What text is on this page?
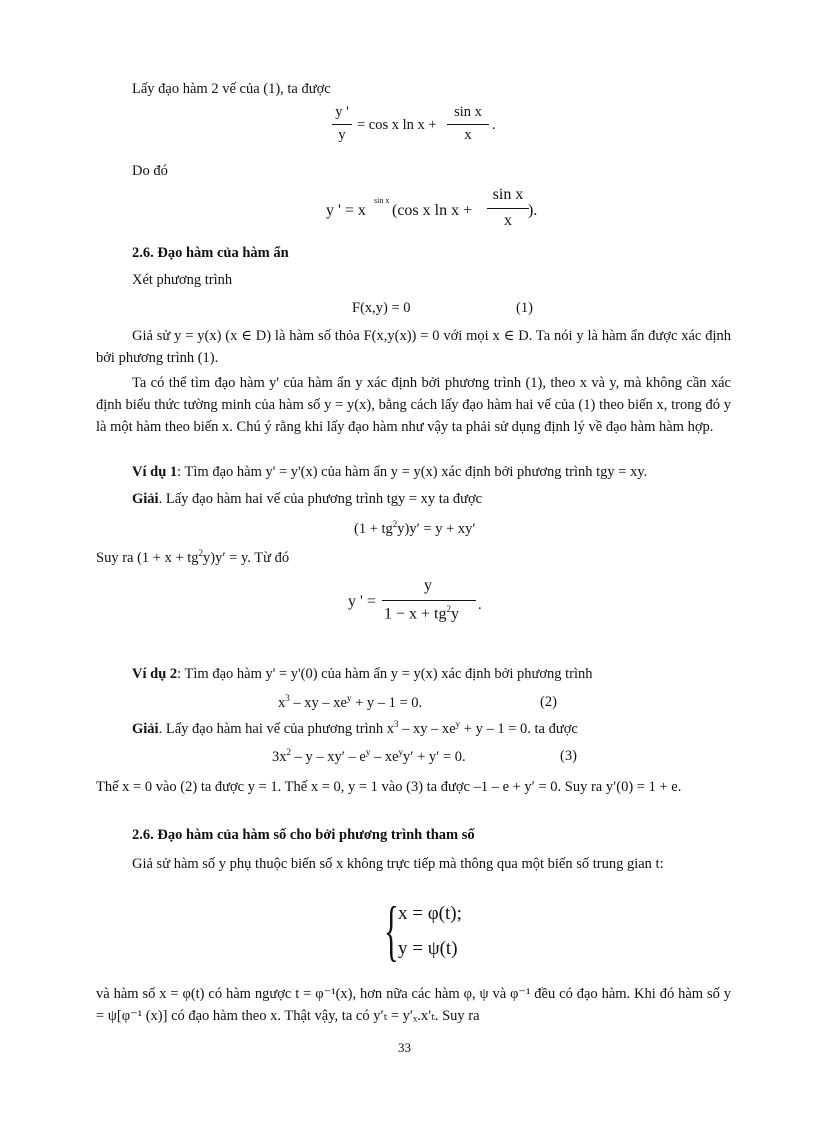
Lấy đạo hàm 2 vế của (1), ta được
y '
y
= cos x ln x +
sin x
x
.
Do đó
y ' = x
sin x
(cos x ln x +
sin x
x
).
2.6. Đạo hàm của hàm ẩn
Xét phương trình
F(x,y) = 0	(1)
Giả sử y = y(x) (x ∈ D) là hàm số thỏa F(x,y(x)) = 0 với mọi x ∈ D. Ta nói y là hàm ẩn được xác định bởi phương trình (1).
Ta có thể tìm đạo hàm y' của hàm ẩn y xác định bởi phương trình (1), theo x và y, mà không cần xác định biểu thức tường minh của hàm số y = y(x), bằng cách lấy đạo hàm hai vế của (1) theo biến x, trong đó y là một hàm theo biến x. Chú ý rằng khi lấy đạo hàm như vậy ta phải sử dụng định lý về đạo hàm hàm hợp.
Ví dụ 1: Tìm đạo hàm y' = y'(x) của hàm ẩn y = y(x) xác định bởi phương trình tgy = xy.
Giải. Lấy đạo hàm hai vế của phương trình tgy = xy ta được
$(1 + tg^2y)y' = y + xy'$
Suy ra $(1 + x + tg^2y)y' = y$. Từ đó
y ' =
y
$1 - x + tg^2y$
.
Ví dụ 2: Tìm đạo hàm y' = y'(0) của hàm ẩn y = y(x) xác định bởi phương trình
$x^3$ – xy – $xe^y + y - 1 = 0$.	(2)
Giải. Lấy đạo hàm hai vế của phương trình $x^3$ – xy – $xe^y + y - 1 = 0$. ta được
$3x^2 - y - xy' - e^y - xe^yy' + y' = 0$.	(3)
Thế x = 0 vào (2) ta được y = 1. Thế x = 0, y = 1 vào (3) ta được –1 – e + y′ = 0. Suy ra y′(0) = 1 + e.
2.6. Đạo hàm của hàm số cho bởi phương trình tham số
Giả sử hàm số y phụ thuộc biến số x không trực tiếp mà thông qua một biến số trung gian t:
{ x = φ(t);
y = ψ(t)
và hàm số x = φ(t) có hàm ngược t = φ⁻¹(x), hơn nữa các hàm φ, ψ và φ⁻¹ đều có đạo hàm. Khi đó hàm số y = ψ[φ⁻¹ (x)] có đạo hàm theo x. Thật vậy, ta có y′ₜ = y′ₓ.x′ₜ. Suy ra
33
